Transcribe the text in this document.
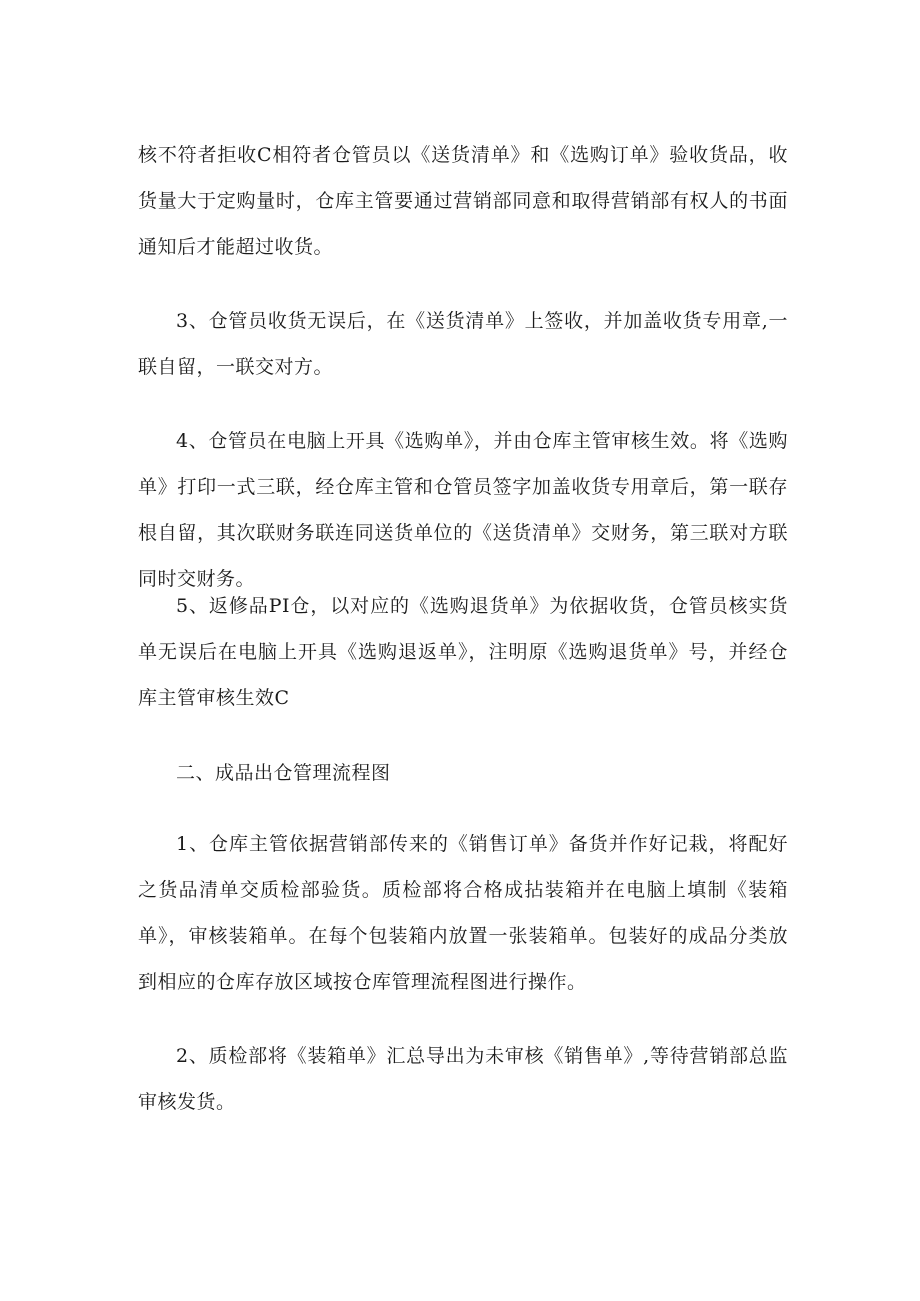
核不符者拒收C相符者仓管员以《送货清单》和《选购订单》验收货品，收货量大于定购量时，仓库主管要通过营销部同意和取得营销部有权人的书面通知后才能超过收货。

3、仓管员收货无误后，在《送货清单》上签收，并加盖收货专用章,一联自留，一联交对方。

4、仓管员在电脑上开具《选购单》，并由仓库主管审核生效。将《选购单》打印一式三联，经仓库主管和仓管员签字加盖收货专用章后，第一联存根自留，其次联财务联连同送货单位的《送货清单》交财务，第三联对方联同时交财务。

5、返修品PI仓，以对应的《选购退货单》为依据收货，仓管员核实货单无误后在电脑上开具《选购退返单》，注明原《选购退货单》号，并经仓库主管审核生效C

二、成品出仓管理流程图

1、仓库主管依据营销部传来的《销售订单》备货并作好记栽，将配好之货品清单交质检部验货。质检部将合格成拈装箱并在电脑上填制《装箱单》，审核装箱单。在每个包装箱内放置一张装箱单。包装好的成品分类放到相应的仓库存放区域按仓库管理流程图进行操作。

2、质检部将《装箱单》汇总导出为未审核《销售单》,等待营销部总监审核发货。
